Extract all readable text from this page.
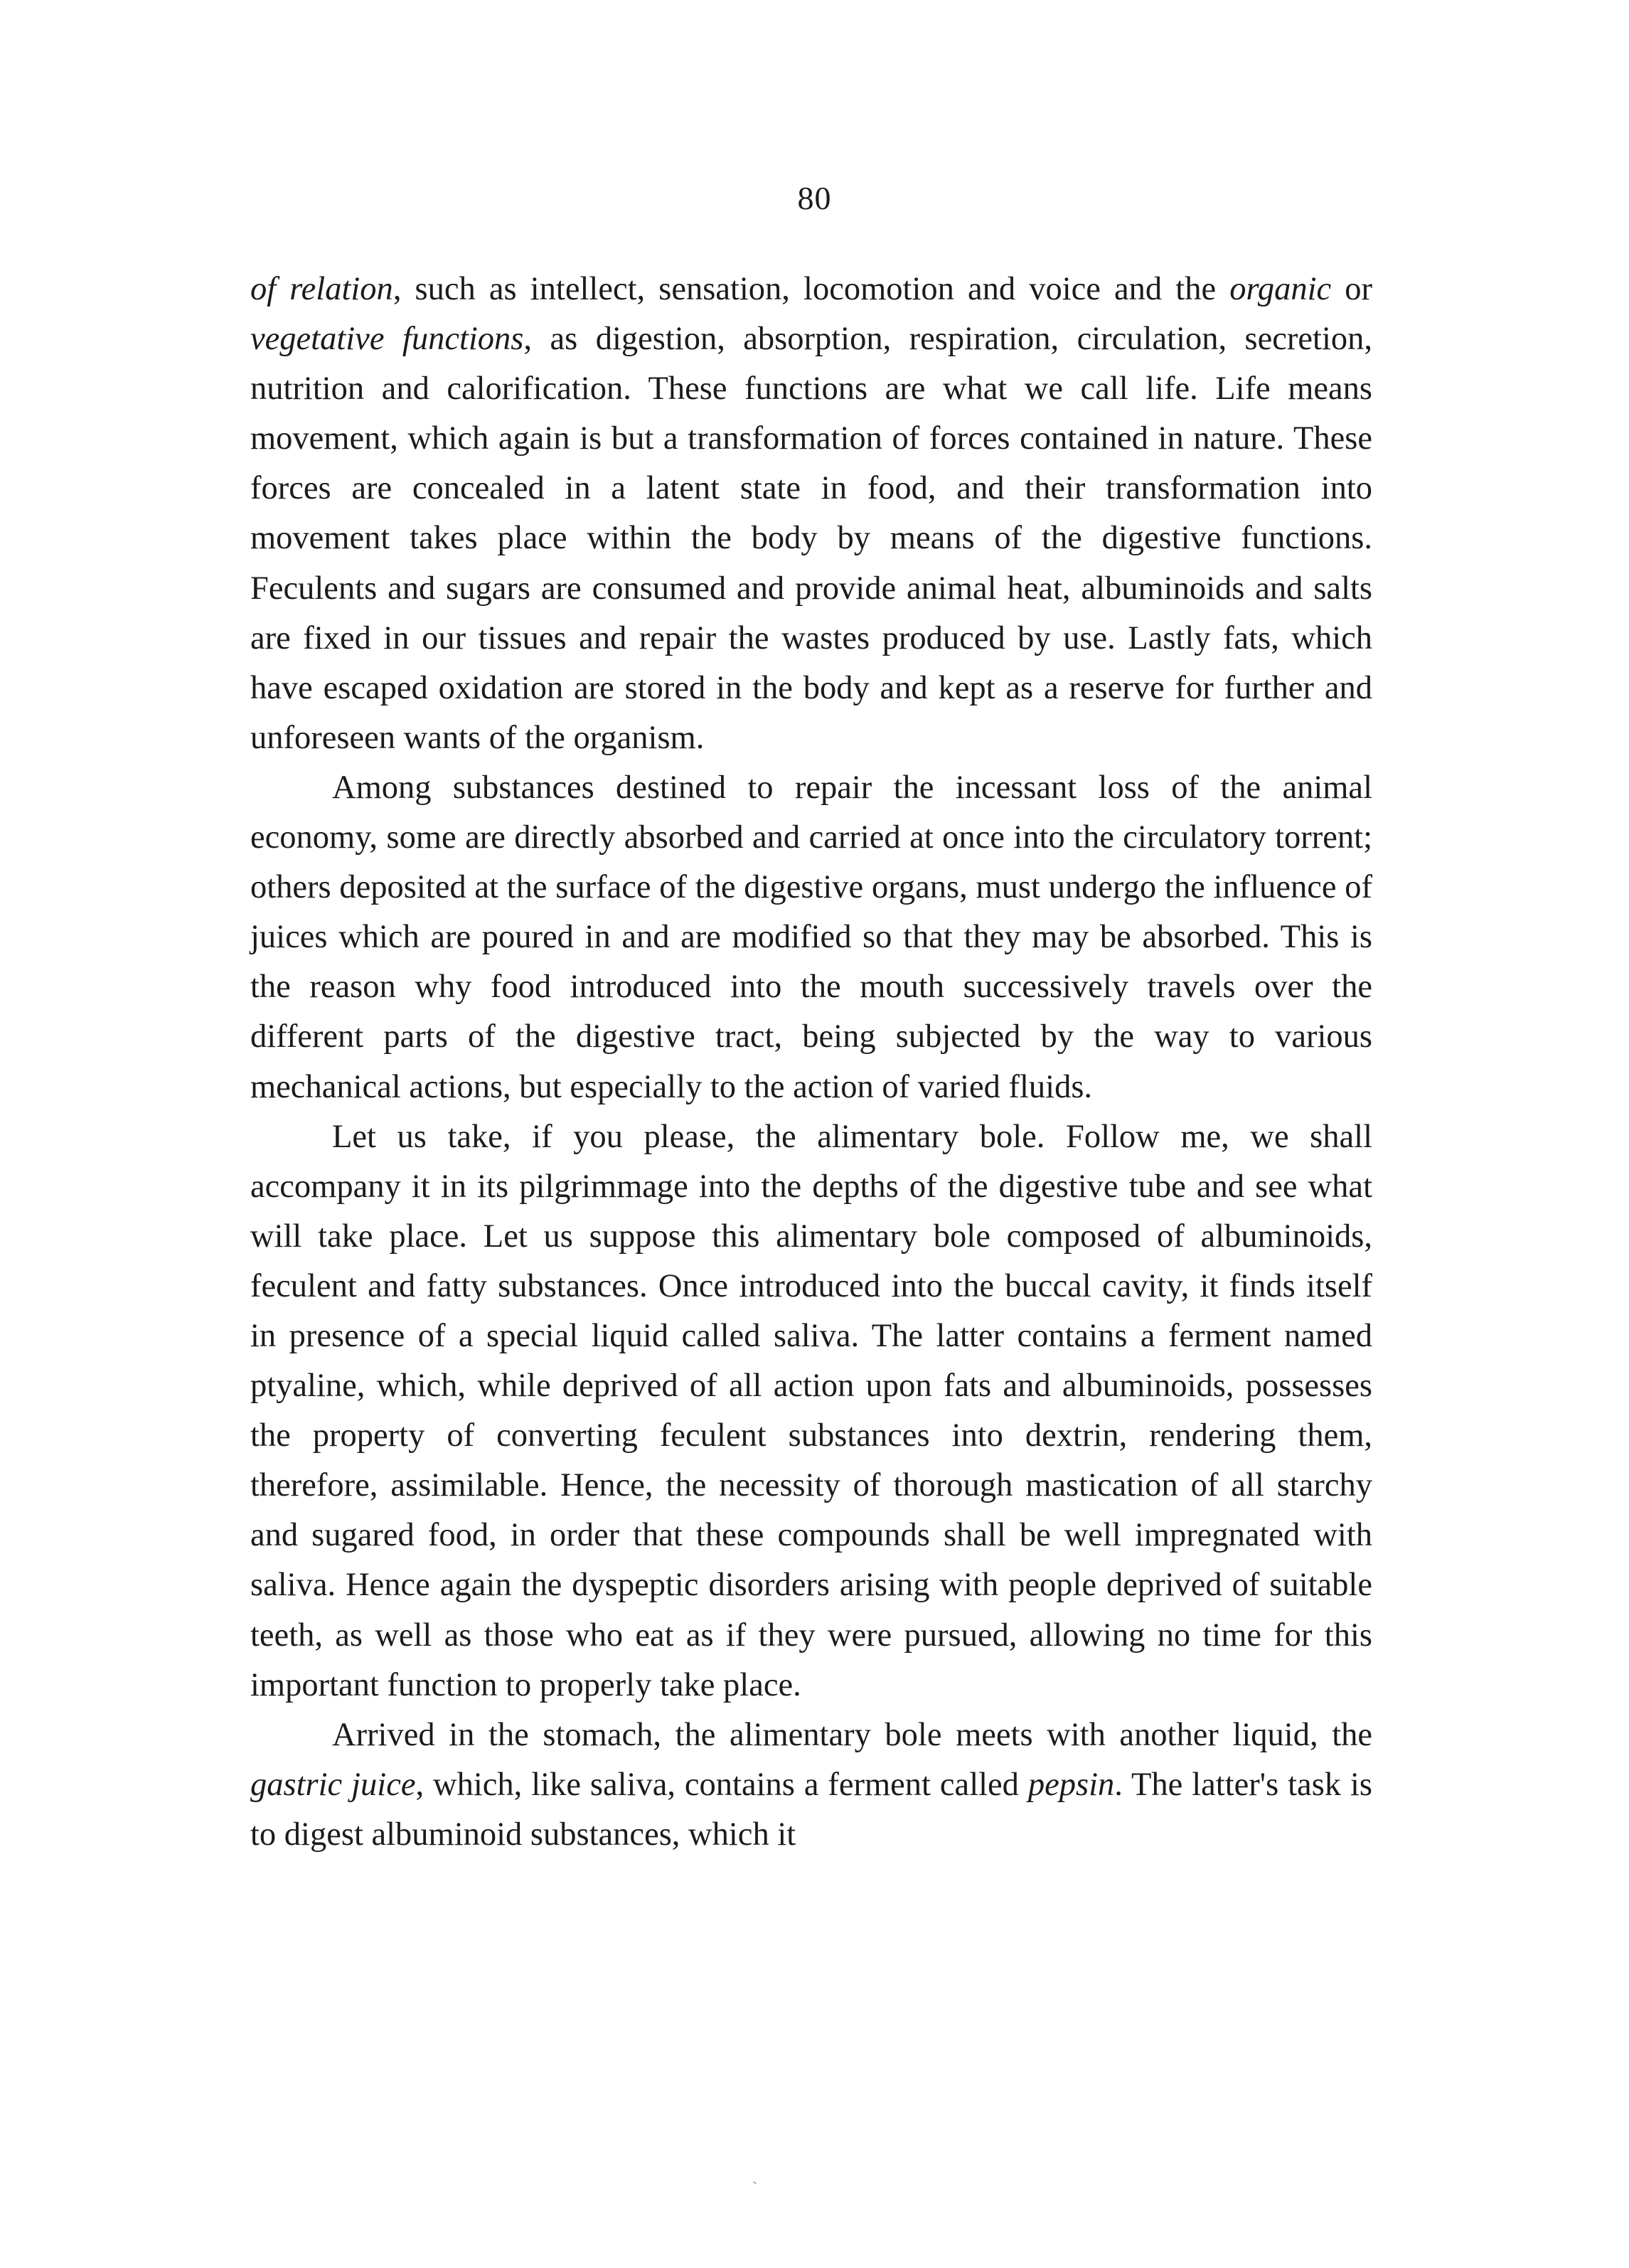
80

of relation, such as intellect, sensation, locomotion and voice and the organic or vegetative functions, as digestion, absorption, respiration, circulation, secretion, nutrition and calorification. These functions are what we call life. Life means movement, which again is but a transformation of forces contained in nature. These forces are concealed in a latent state in food, and their transformation into movement takes place within the body by means of the digestive functions. Feculents and sugars are consumed and provide animal heat, albuminoids and salts are fixed in our tissues and repair the wastes produced by use. Lastly fats, which have escaped oxidation are stored in the body and kept as a reserve for further and unforeseen wants of the organism.

Among substances destined to repair the incessant loss of the animal economy, some are directly absorbed and carried at once into the circulatory torrent; others deposited at the surface of the digestive organs, must undergo the influence of juices which are poured in and are modified so that they may be absorbed. This is the reason why food introduced into the mouth successively travels over the different parts of the digestive tract, being subjected by the way to various mechanical actions, but especially to the action of varied fluids.

Let us take, if you please, the alimentary bole. Follow me, we shall accompany it in its pilgrimmage into the depths of the digestive tube and see what will take place. Let us suppose this alimentary bole composed of albuminoids, feculent and fatty substances. Once introduced into the buccal cavity, it finds itself in presence of a special liquid called saliva. The latter contains a ferment named ptyaline, which, while deprived of all action upon fats and albuminoids, possesses the property of converting feculent substances into dextrin, rendering them, therefore, assimilable. Hence, the necessity of thorough mastication of all starchy and sugared food, in order that these compounds shall be well impregnated with saliva. Hence again the dyspeptic disorders arising with people deprived of suitable teeth, as well as those who eat as if they were pursued, allowing no time for this important function to properly take place.

Arrived in the stomach, the alimentary bole meets with another liquid, the gastric juice, which, like saliva, contains a ferment called pepsin. The latter's task is to digest albuminoid substances, which it

ˎ
